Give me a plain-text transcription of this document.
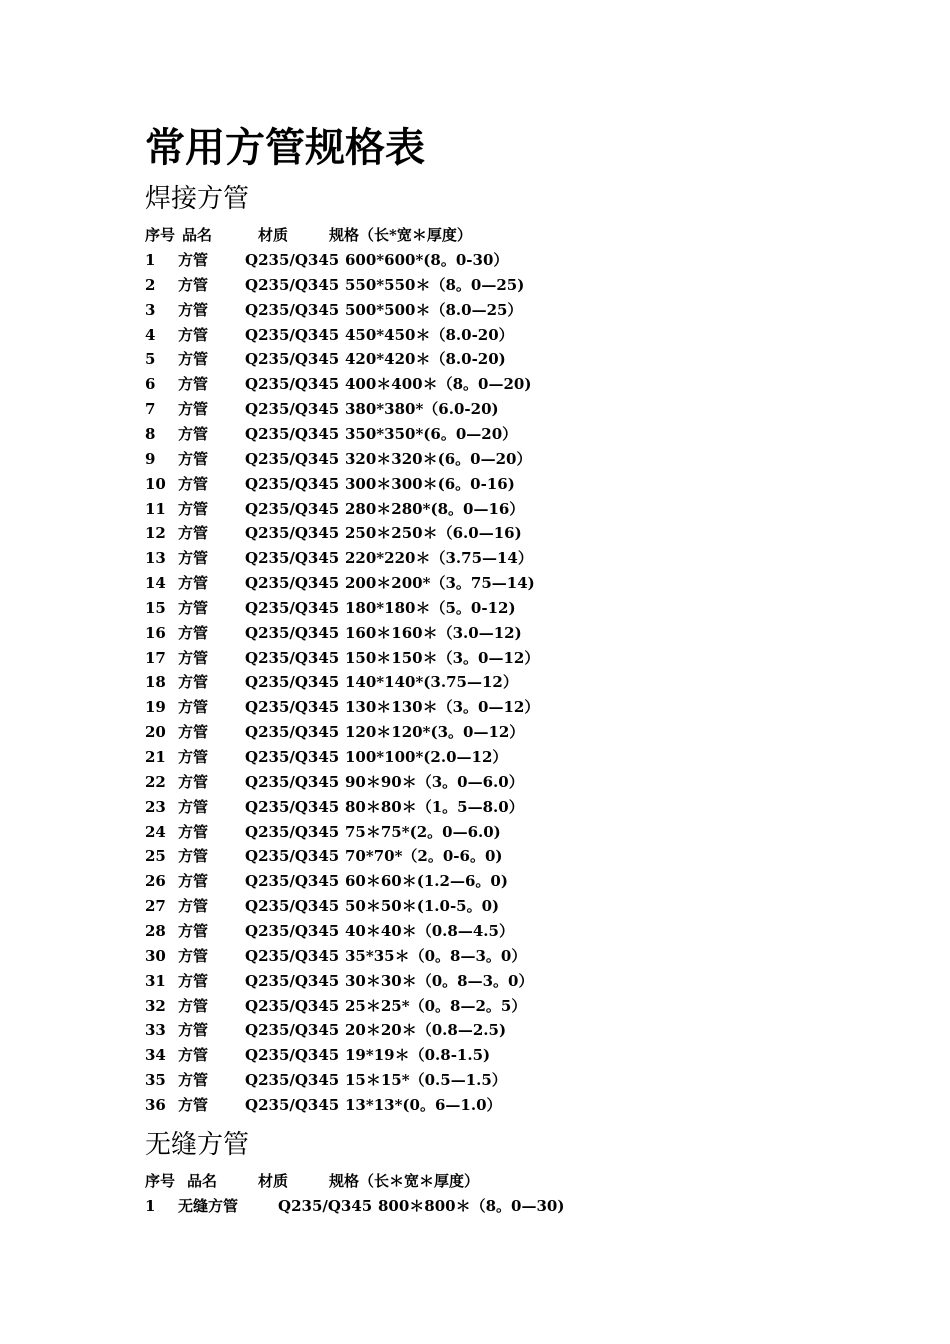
常用方管规格表
焊接方管
序号 品名	材质	规格（长*宽＊厚度）
1 方管 Q235/Q345 600*600*(8。0-30）
2 方管 Q235/Q345 550*550＊（8。0—25)
3 方管 Q235/Q345 500*500＊（8.0—25）
4 方管 Q235/Q345 450*450＊（8.0-20）
5 方管 Q235/Q345 420*420＊（8.0-20)
6 方管 Q235/Q345 400＊400＊（8。0—20)
7 方管 Q235/Q345 380*380*（6.0-20)
8 方管 Q235/Q345 350*350*(6。0—20）
9 方管 Q235/Q345 320＊320＊(6。0—20）
10 方管 Q235/Q345 300＊300＊(6。0-16)
11 方管 Q235/Q345 280＊280*(8。0—16）
12 方管 Q235/Q345 250＊250＊（6.0—16)
13 方管 Q235/Q345 220*220＊（3.75—14）
14 方管 Q235/Q345 200＊200*（3。75—14)
15 方管 Q235/Q345 180*180＊（5。0-12)
16 方管 Q235/Q345 160＊160＊（3.0—12)
17 方管 Q235/Q345 150＊150＊（3。0—12）
18 方管 Q235/Q345 140*140*(3.75—12）
19 方管 Q235/Q345 130＊130＊（3。0—12）
20 方管 Q235/Q345 120＊120*(3。0—12）
21 方管 Q235/Q345 100*100*(2.0—12）
22 方管 Q235/Q345 90＊90＊（3。0—6.0）
23 方管 Q235/Q345 80＊80＊（1。5—8.0）
24 方管 Q235/Q345 75＊75*(2。0—6.0)
25 方管 Q235/Q345 70*70*（2。0-6。0)
26 方管 Q235/Q345 60＊60＊(1.2—6。0)
27 方管 Q235/Q345 50＊50＊(1.0-5。0)
28 方管 Q235/Q345 40＊40＊（0.8—4.5）
30 方管 Q235/Q345 35*35＊（0。8—3。0）
31 方管 Q235/Q345 30＊30＊（0。8—3。0）
32 方管 Q235/Q345 25＊25*（0。8—2。5）
33 方管 Q235/Q345 20＊20＊（0.8—2.5)
34 方管 Q235/Q345 19*19＊（0.8-1.5)
35 方管 Q235/Q345 15＊15*（0.5—1.5）
36 方管 Q235/Q345 13*13*(0。6—1.0）
无缝方管
序号 品名	材质	规格（长＊宽＊厚度）
1 无缝方管	Q235/Q345 800＊800＊（8。0—30)
